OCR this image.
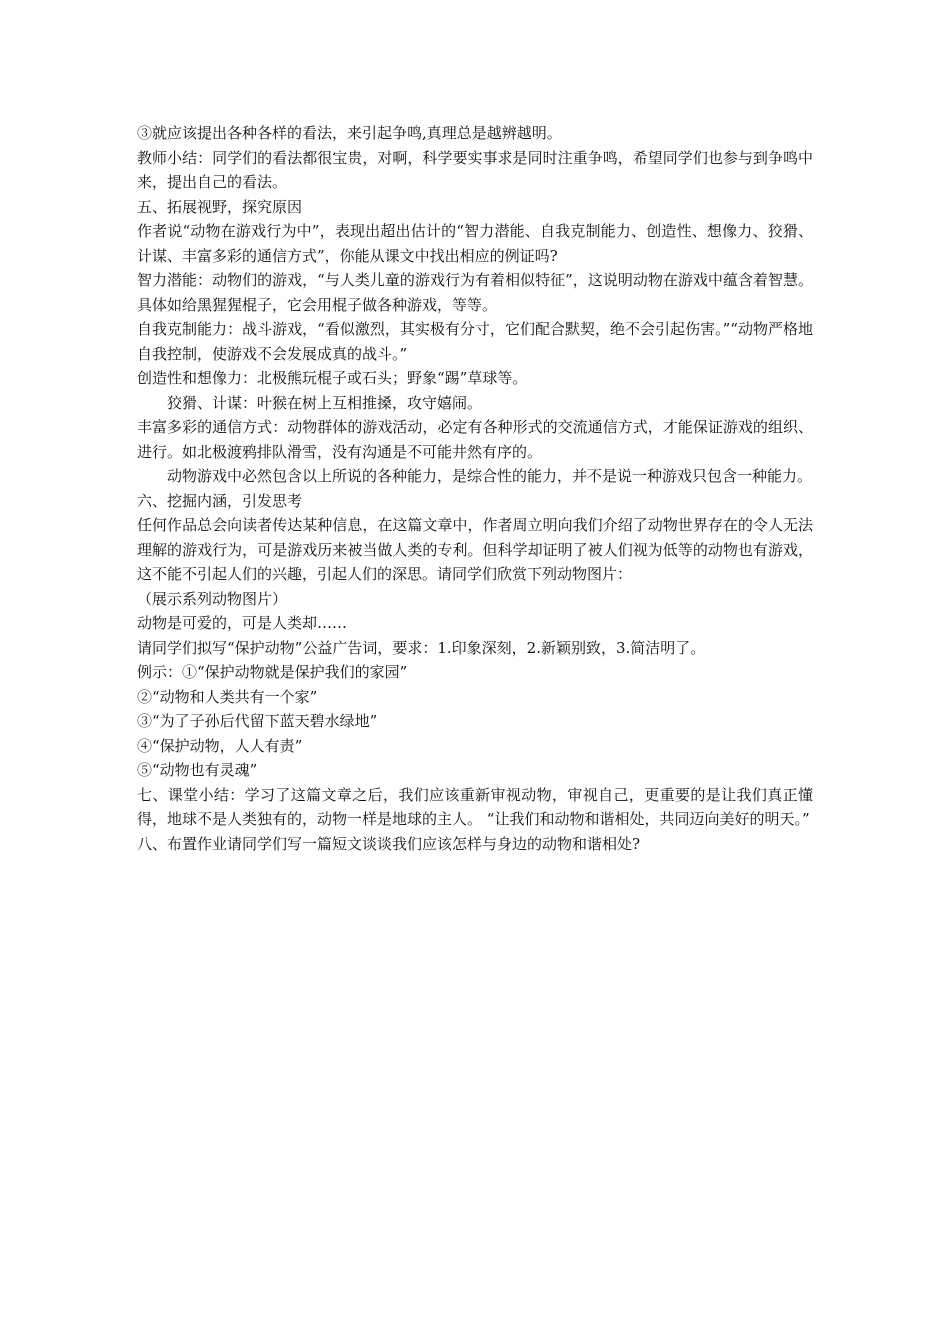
③就应该提出各种各样的看法，来引起争鸣,真理总是越辨越明。

教师小结：同学们的看法都很宝贵，对啊，科学要实事求是同时注重争鸣，希望同学们也参与到争鸣中来，提出自己的看法。

五、拓展视野，探究原因

作者说“动物在游戏行为中”，表现出超出估计的“智力潜能、自我克制能力、创造性、想像力、狡猾、计谋、丰富多彩的通信方式”，你能从课文中找出相应的例证吗?

智力潜能：动物们的游戏，“与人类儿童的游戏行为有着相似特征”，这说明动物在游戏中蕴含着智慧。具体如给黑猩猩棍子，它会用棍子做各种游戏，等等。

自我克制能力：战斗游戏，“看似激烈，其实极有分寸，它们配合默契，绝不会引起伤害。”“动物严格地自我控制，使游戏不会发展成真的战斗。”

创造性和想像力：北极熊玩棍子或石头；野象“踢”草球等。

狡猾、计谋：叶猴在树上互相推搡，攻守嬉闹。

丰富多彩的通信方式：动物群体的游戏活动，必定有各种形式的交流通信方式，才能保证游戏的组织、进行。如北极渡鸦排队滑雪，没有沟通是不可能井然有序的。

动物游戏中必然包含以上所说的各种能力，是综合性的能力，并不是说一种游戏只包含一种能力。

六、挖掘内涵，引发思考

任何作品总会向读者传达某种信息，在这篇文章中，作者周立明向我们介绍了动物世界存在的令人无法理解的游戏行为，可是游戏历来被当做人类的专利。但科学却证明了被人们视为低等的动物也有游戏，这不能不引起人们的兴趣，引起人们的深思。请同学们欣赏下列动物图片：

（展示系列动物图片）

动物是可爱的，可是人类却……

请同学们拟写“保护动物”公益广告词，要求：1.印象深刻，2.新颖别致，3.简洁明了。

例示：①“保护动物就是保护我们的家园”

②“动物和人类共有一个家”

③“为了子孙后代留下蓝天碧水绿地”

④“保护动物，人人有责”

⑤“动物也有灵魂”

七、课堂小结：学习了这篇文章之后，我们应该重新审视动物，审视自己，更重要的是让我们真正懂得，地球不是人类独有的，动物一样是地球的主人。 “让我们和动物和谐相处，共同迈向美好的明天。”

八、布置作业请同学们写一篇短文谈谈我们应该怎样与身边的动物和谐相处?
